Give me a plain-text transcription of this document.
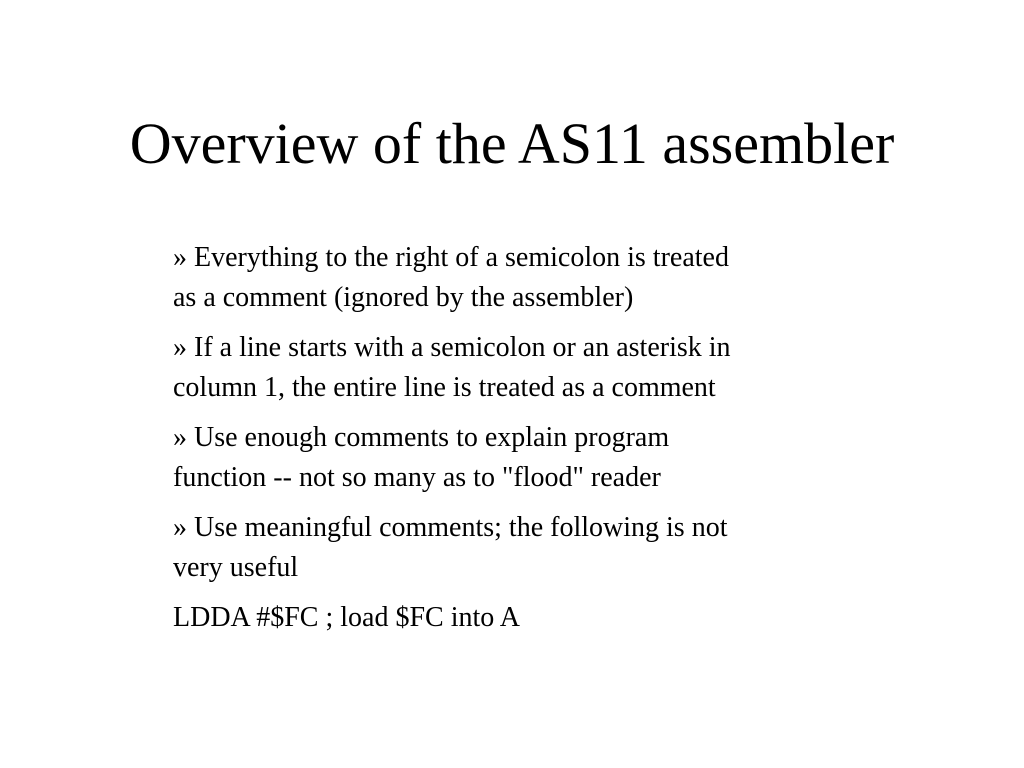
Overview of the AS11 assembler

» Everything to the right of a semicolon is treated
as a comment (ignored by the assembler)

» If a line starts with a semicolon or an asterisk in
column 1, the entire line is treated as a comment

» Use enough comments to explain program
function -- not so many as to "flood" reader

» Use meaningful comments; the following is not
very useful

LDDA #$FC ; load $FC into A
